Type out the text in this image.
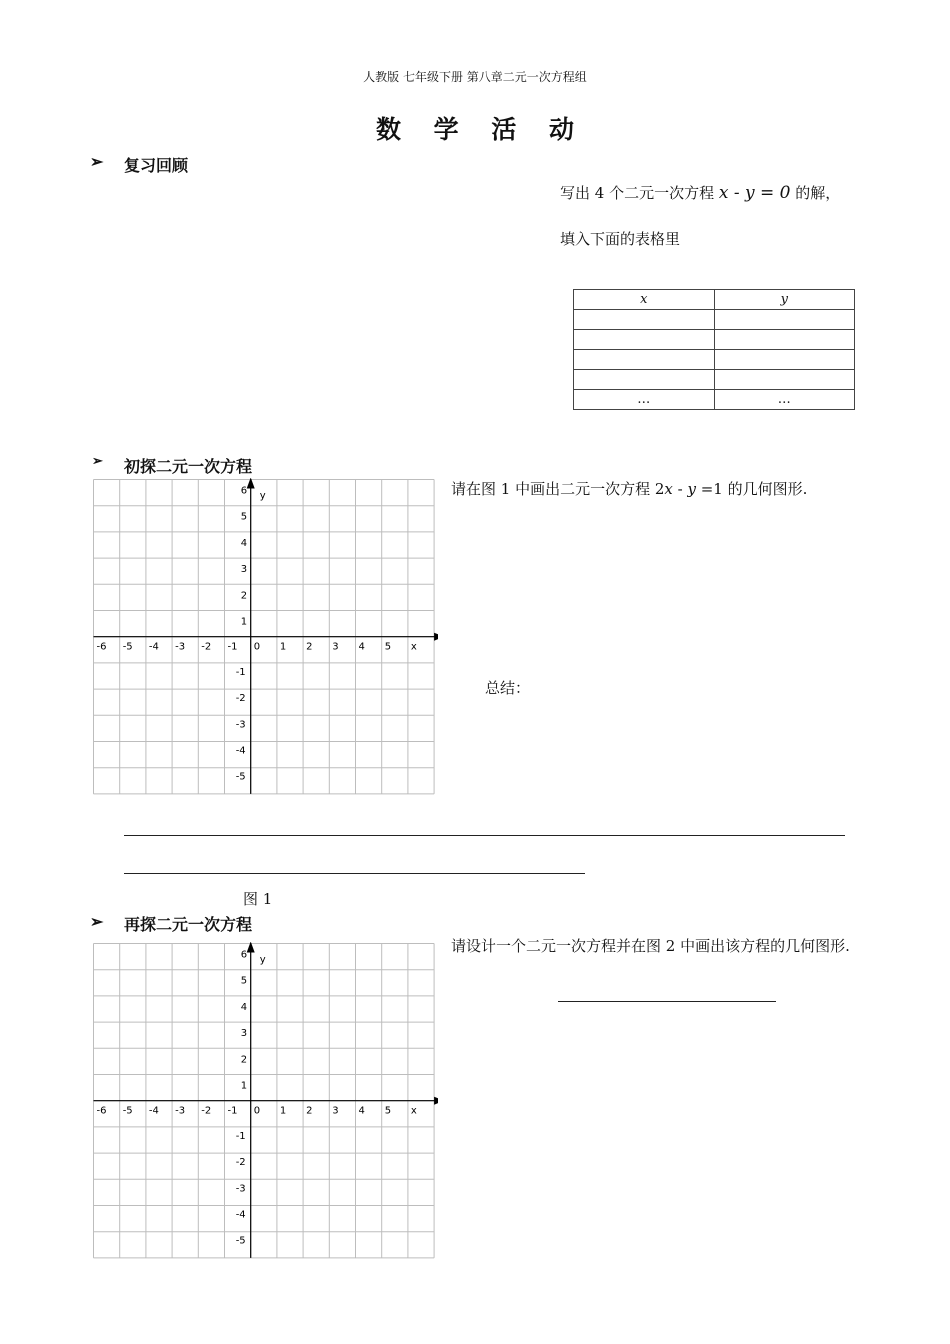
人教版 七年级下册 第八章二元一次方程组
数 学 活 动
➢ 复习回顾
写出 4 个二元一次方程 x - y = 0 的解，
填入下面的表格里
x	y

…	…
➢ 初探二元一次方程
-6 -5 -4 -3 -2 -1 0 1 2 3 4 5 x
6
5
4
3
2
1
-1
-2
-3
-4
-5
y	请在图 1 中画出二元一次方程 2x - y =1 的几何图形.
总结：
图 1
➢ 再探二元一次方程
-6 -5 -4 -3 -2 -1 0 1 2 3 4 5 x
6
5
4
3
2
1
-1
-2
-3
-4
-5
y
请设计一个二元一次方程并在图 2 中画出该方程的几何图形.
